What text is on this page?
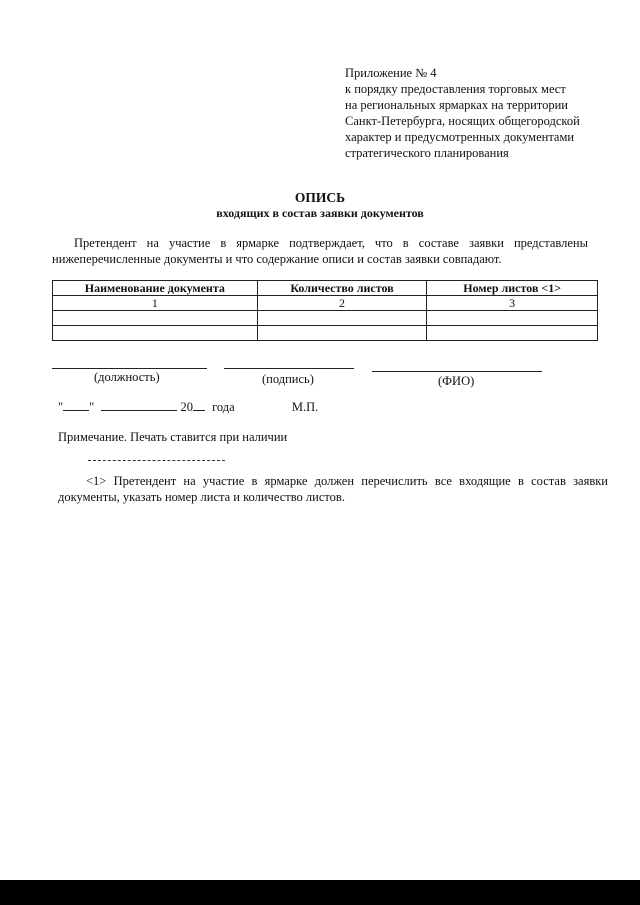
Приложение № 4
к порядку предоставления торговых мест
на региональных ярмарках на территории
Санкт-Петербурга, носящих общегородской
характер и предусмотренных документами
стратегического планирования
ОПИСЬ
входящих в состав заявки документов
Претендент на участие в ярмарке подтверждает, что в составе заявки представлены нижеперечисленные документы и что содержание описи и состав заявки совпадают.
Наименование документа	Количество листов	Номер листов <1>
1	2	3

(должность)	(подпись)	(ФИО)
" "	20 года	М.П.
Примечание. Печать ставится при наличии
<1> Претендент на участие в ярмарке должен перечислить все входящие в состав заявки документы, указать номер листа и количество листов.
